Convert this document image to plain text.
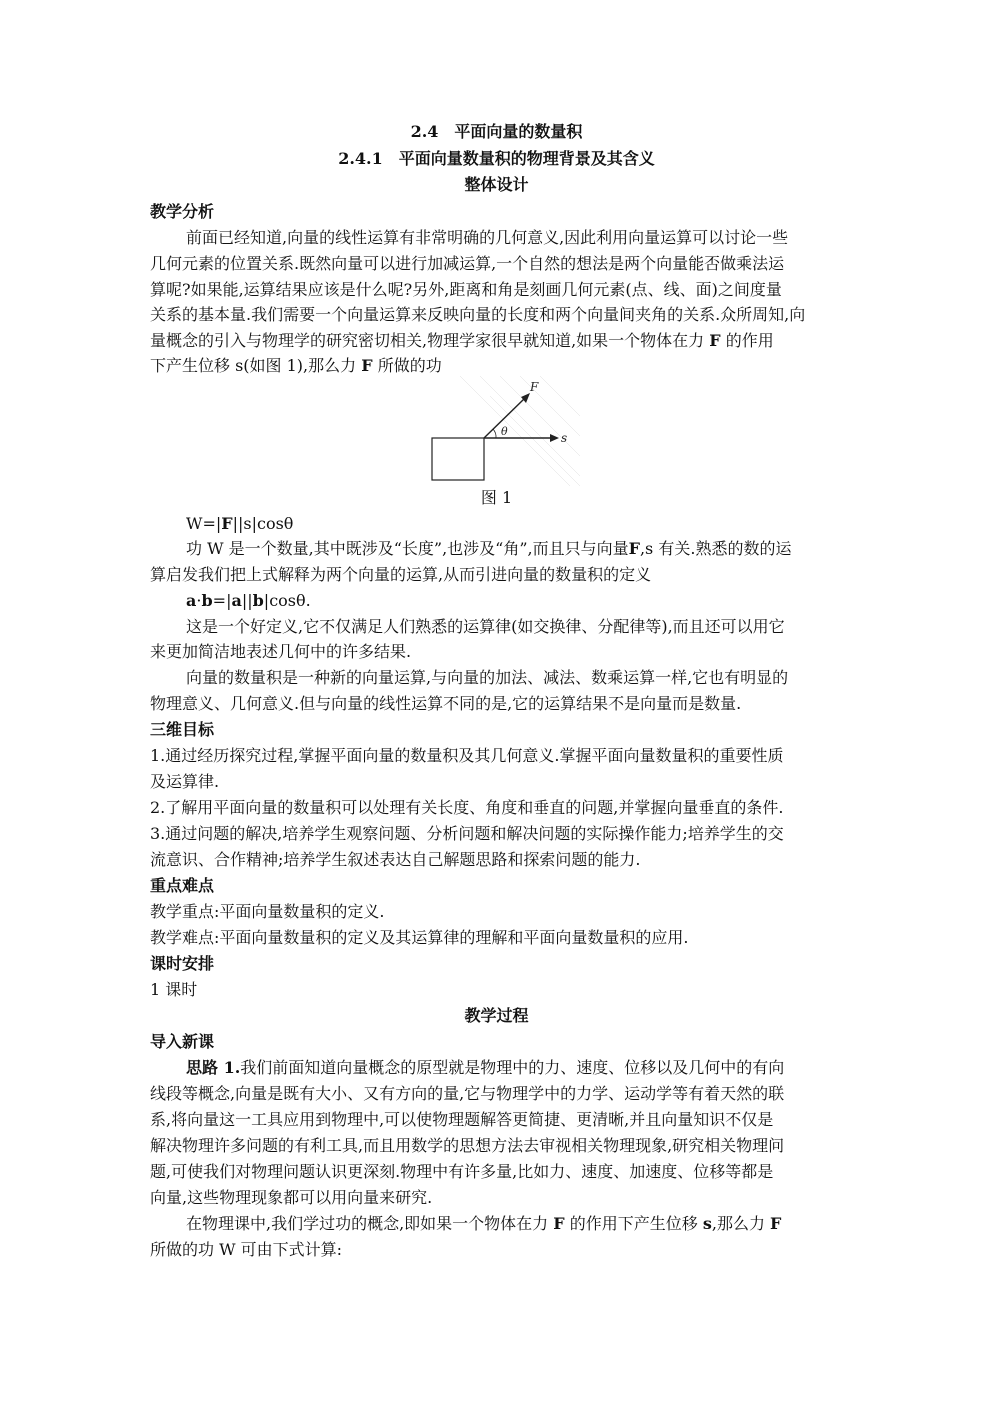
2.4　平面向量的数量积
2.4.1　平面向量数量积的物理背景及其含义
整体设计
教学分析
前面已经知道,向量的线性运算有非常明确的几何意义,因此利用向量运算可以讨论一些
几何元素的位置关系.既然向量可以进行加减运算,一个自然的想法是两个向量能否做乘法运
算呢?如果能,运算结果应该是什么呢?另外,距离和角是刻画几何元素(点、线、面)之间度量
关系的基本量.我们需要一个向量运算来反映向量的长度和两个向量间夹角的关系.众所周知,向
量概念的引入与物理学的研究密切相关,物理学家很早就知道,如果一个物体在力 F 的作用
下产生位移 s(如图 1),那么力 F 所做的功
F
θ	s
图 1
W=|F||s|cosθ
功 W 是一个数量,其中既涉及“长度”,也涉及“角”,而且只与向量F,s 有关.熟悉的数的运
算启发我们把上式解释为两个向量的运算,从而引进向量的数量积的定义
a·b=|a||b|cosθ.
这是一个好定义,它不仅满足人们熟悉的运算律(如交换律、分配律等),而且还可以用它
来更加简洁地表述几何中的许多结果.
向量的数量积是一种新的向量运算,与向量的加法、减法、数乘运算一样,它也有明显的
物理意义、几何意义.但与向量的线性运算不同的是,它的运算结果不是向量而是数量.
三维目标
1.通过经历探究过程,掌握平面向量的数量积及其几何意义.掌握平面向量数量积的重要性质
及运算律.
2.了解用平面向量的数量积可以处理有关长度、角度和垂直的问题,并掌握向量垂直的条件.
3.通过问题的解决,培养学生观察问题、分析问题和解决问题的实际操作能力;培养学生的交
流意识、合作精神;培养学生叙述表达自己解题思路和探索问题的能力.
重点难点
教学重点:平面向量数量积的定义.
教学难点:平面向量数量积的定义及其运算律的理解和平面向量数量积的应用.
课时安排
1 课时
教学过程
导入新课
思路 1.我们前面知道向量概念的原型就是物理中的力、速度、位移以及几何中的有向
线段等概念,向量是既有大小、又有方向的量,它与物理学中的力学、运动学等有着天然的联
系,将向量这一工具应用到物理中,可以使物理题解答更简捷、更清晰,并且向量知识不仅是
解决物理许多问题的有利工具,而且用数学的思想方法去审视相关物理现象,研究相关物理问
题,可使我们对物理问题认识更深刻.物理中有许多量,比如力、速度、加速度、位移等都是
向量,这些物理现象都可以用向量来研究.
在物理课中,我们学过功的概念,即如果一个物体在力 F 的作用下产生位移 s,那么力 F
所做的功 W 可由下式计算:
